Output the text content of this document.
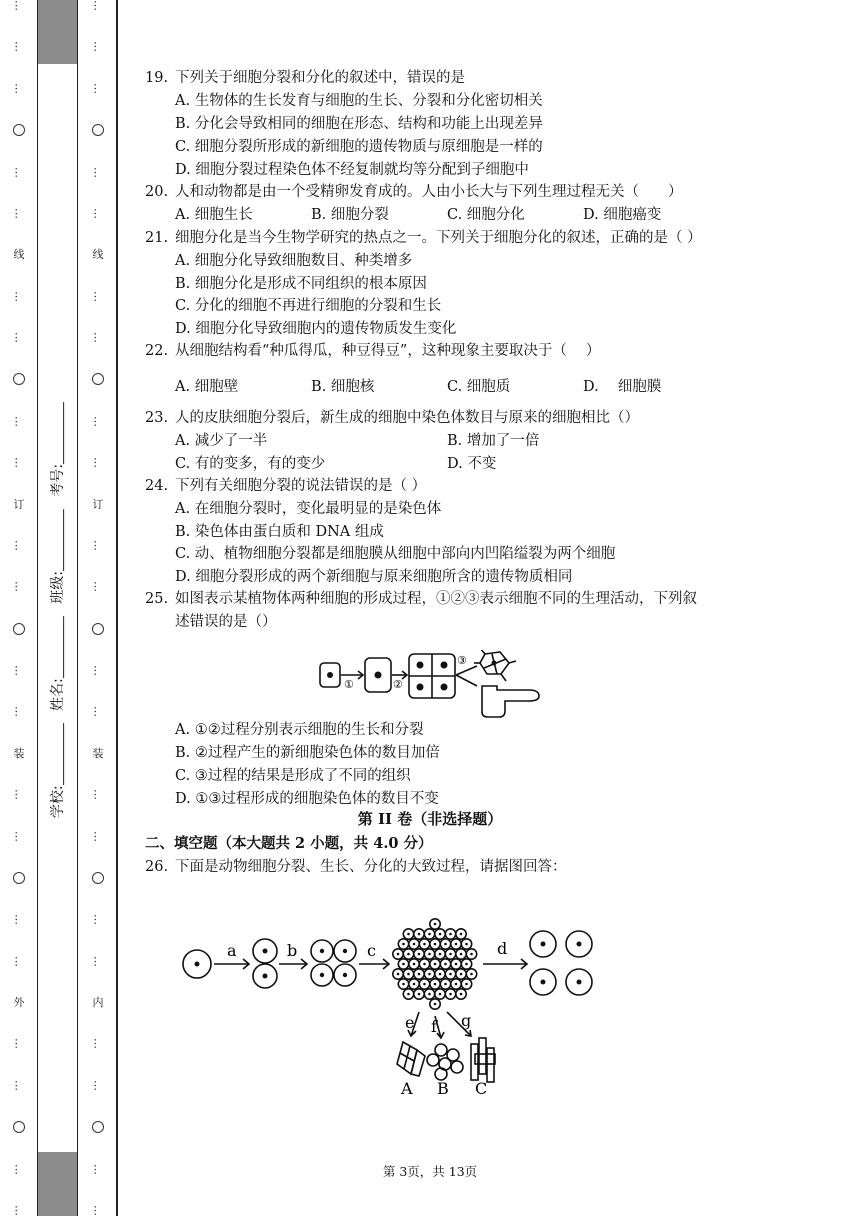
…
…
…
…
…
线
…
…
…
…
订
…
…
…
…
装
…
…
…
…
外
…
…
…
…
…
…
…
…
…
线
…
…
…
…
订
…
…
…
…
装
…
…
…
…
内
…
…
…
…
学校: 姓名: 班级: 考号:
19. 下列关于细胞分裂和分化的叙述中，错误的是
A. 生物体的生长发育与细胞的生长、分裂和分化密切相关
B. 分化会导致相同的细胞在形态、结构和功能上出现差异
C. 细胞分裂所形成的新细胞的遗传物质与原细胞是一样的
D. 细胞分裂过程染色体不经复制就均等分配到子细胞中
20. 人和动物都是由一个受精卵发育成的。人由小长大与下列生理过程无关（　　）
A. 细胞生长	B. 细胞分裂	C. 细胞分化	D. 细胞癌变
21. 细胞分化是当今生物学研究的热点之一。下列关于细胞分化的叙述，正确的是（ ）
A. 细胞分化导致细胞数目、种类增多
B. 细胞分化是形成不同组织的根本原因
C. 分化的细胞不再进行细胞的分裂和生长
D. 细胞分化导致细胞内的遗传物质发生变化
22. 从细胞结构看“种瓜得瓜，种豆得豆”，这种现象主要取决于（　 ）
A. 细胞壁	B. 细胞核	C. 细胞质	D.　 细胞膜
23. 人的皮肤细胞分裂后，新生成的细胞中染色体数目与原来的细胞相比（）
A. 减少了一半	B. 增加了一倍
C. 有的变多，有的变少	D. 不变
24. 下列有关细胞分裂的说法错误的是（ ）
A. 在细胞分裂时，变化最明显的是染色体
B. 染色体由蛋白质和 DNA 组成
C. 动、植物细胞分裂都是细胞膜从细胞中部向内凹陷缢裂为两个细胞
D. 细胞分裂形成的两个新细胞与原来细胞所含的遗传物质相同
25. 如图表示某植物体两种细胞的形成过程，①②③表示细胞不同的生理活动，下列叙
述错误的是（）
①	②
③
A. ①②过程分别表示细胞的生长和分裂
B. ②过程产生的新细胞染色体的数目加倍
C. ③过程的结果是形成了不同的组织
D. ①③过程形成的细胞染色体的数目不变
第 II 卷（非选择题）
二、填空题（本大题共 2 小题，共 4.0 分）
26. 下面是动物细胞分裂、生长、分化的大致过程，请据图回答：
a	b	c	d
e f g
A B C
第 3页，共 13页
